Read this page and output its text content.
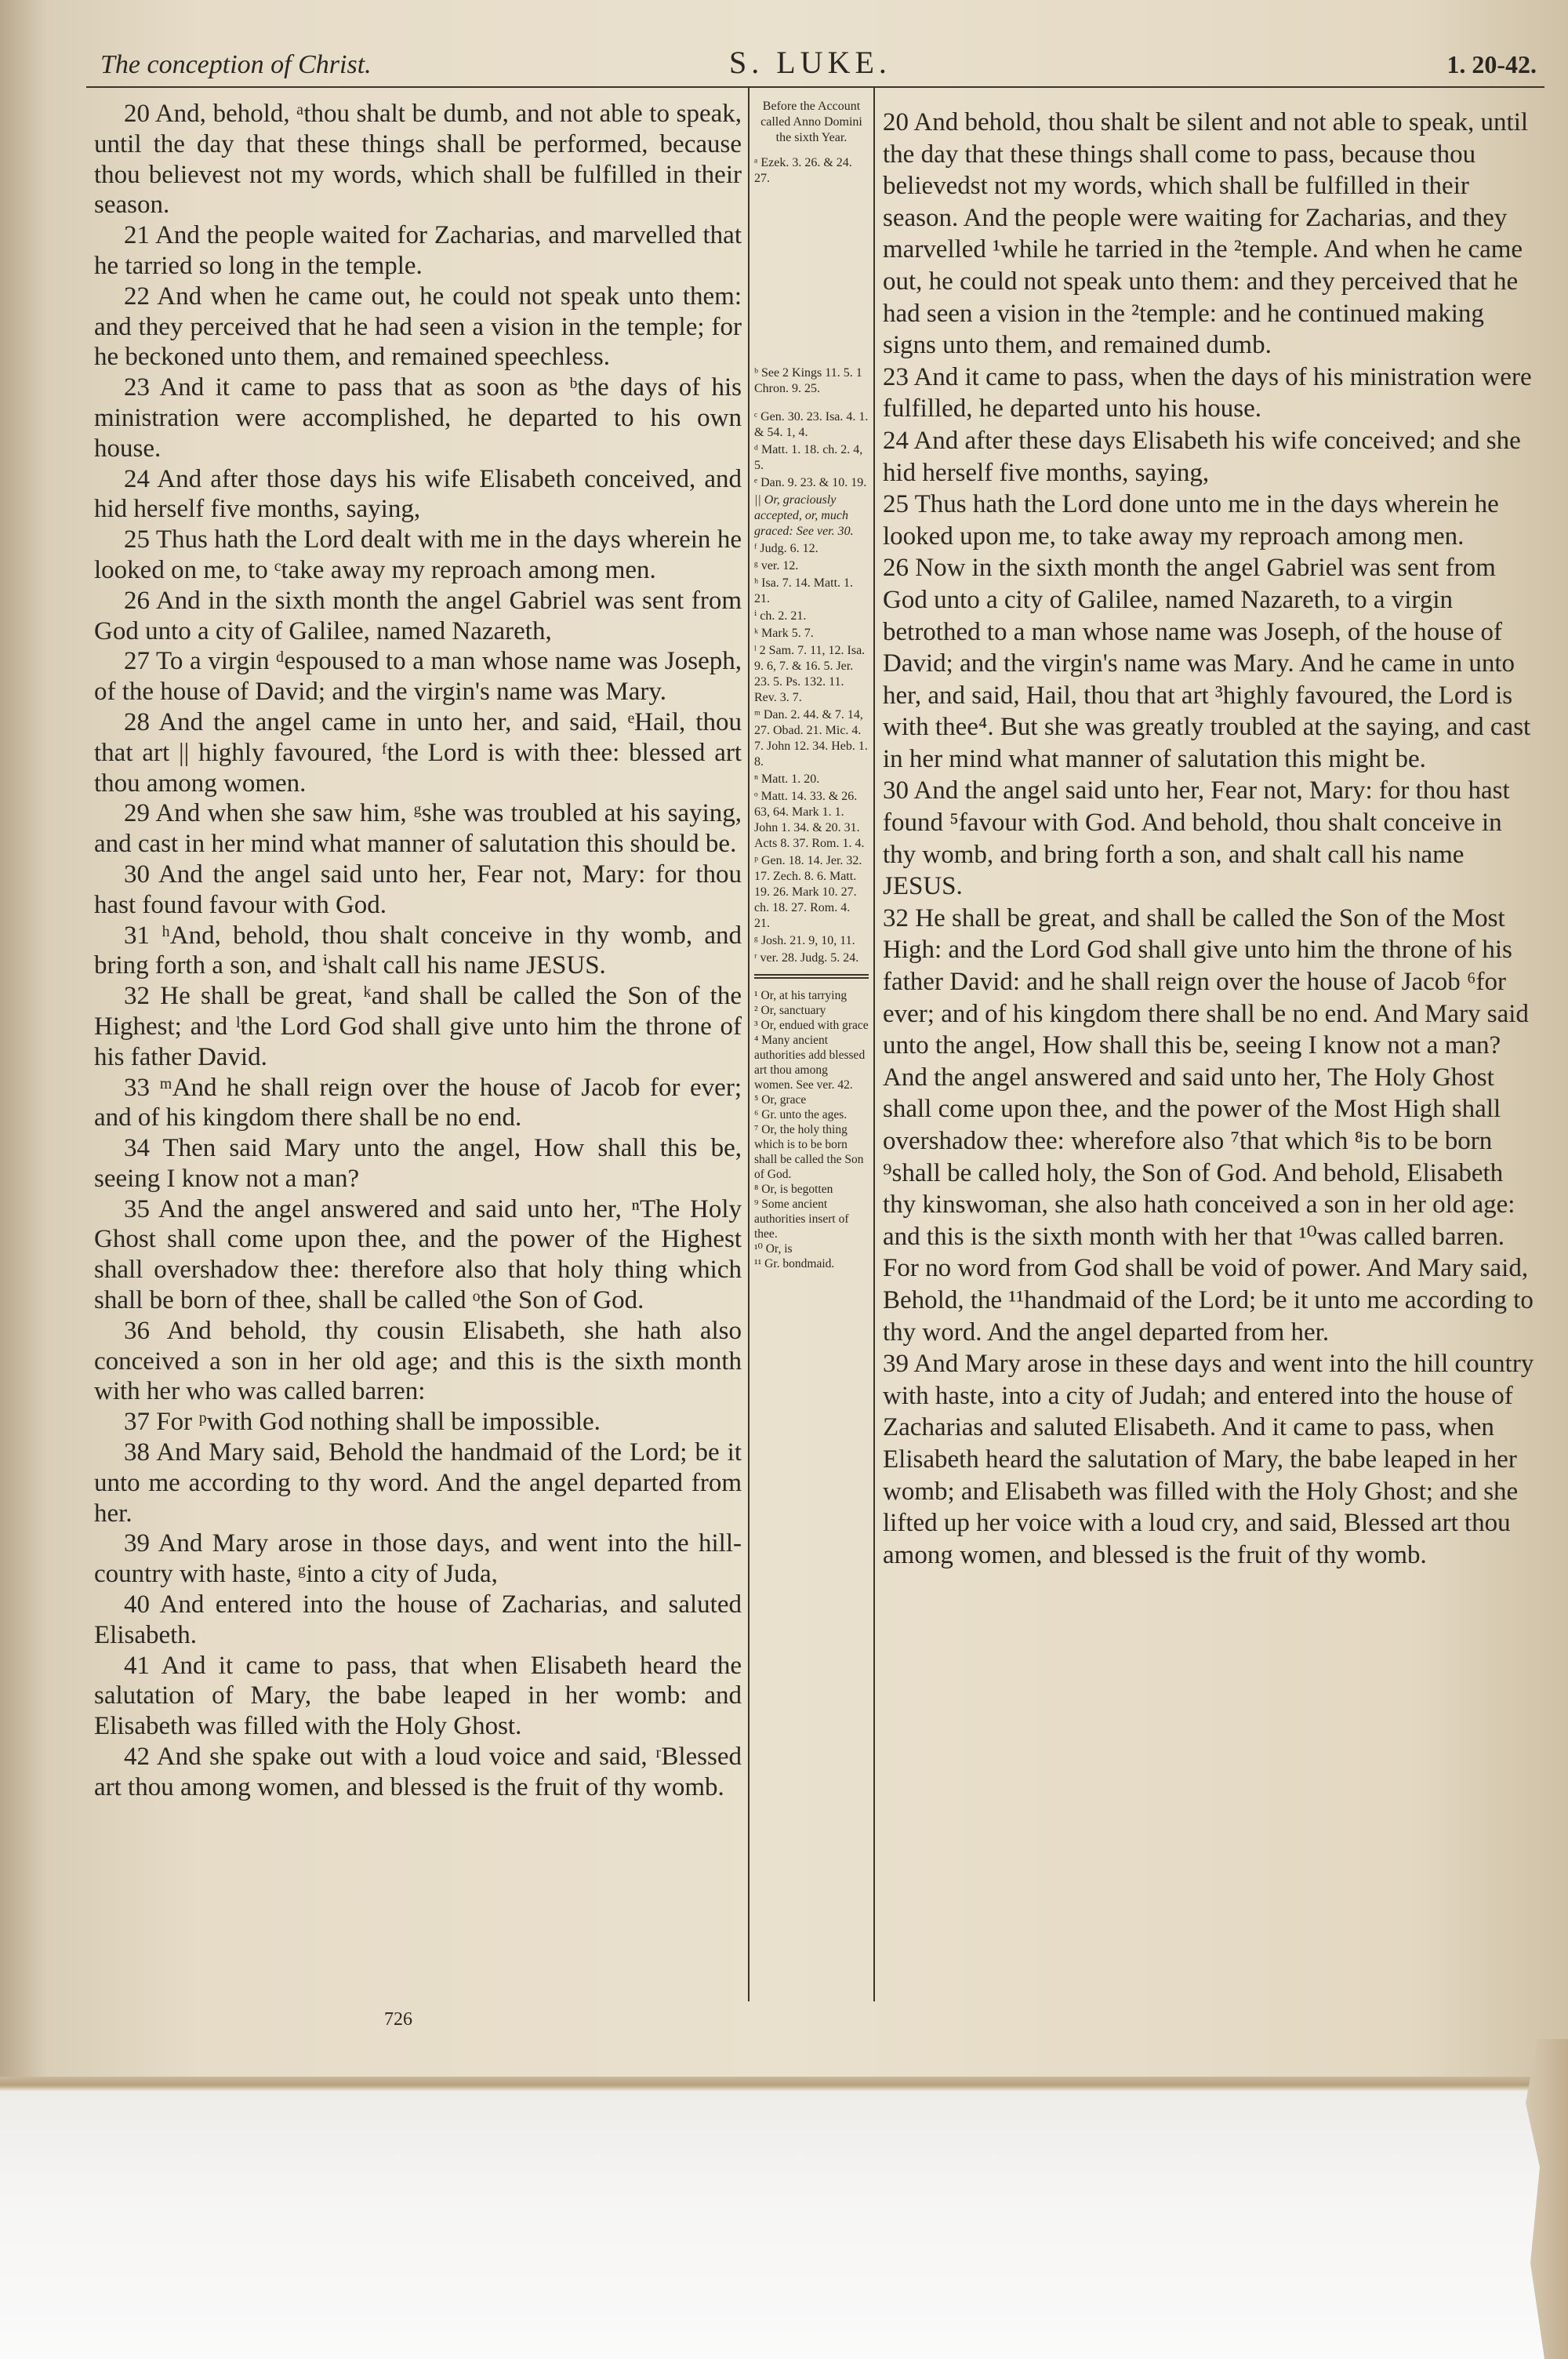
The conception of Christ.	S. LUKE.	1. 20-42.

20 And, behold, ᵃthou shalt be dumb, and not able to speak, until the day that these things shall be performed, because thou believest not my words, which shall be fulfilled in their season.

21 And the people waited for Zacharias, and marvelled that he tarried so long in the temple.

22 And when he came out, he could not speak unto them: and they perceived that he had seen a vision in the temple; for he beckoned unto them, and remained speechless.

23 And it came to pass that as soon as ᵇthe days of his ministration were accomplished, he departed to his own house.

24 And after those days his wife Elisabeth conceived, and hid herself five months, saying,

25 Thus hath the Lord dealt with me in the days wherein he looked on me, to ᶜtake away my reproach among men.

26 And in the sixth month the angel Gabriel was sent from God unto a city of Galilee, named Nazareth,

27 To a virgin ᵈespoused to a man whose name was Joseph, of the house of David; and the virgin's name was Mary.

28 And the angel came in unto her, and said, ᵉHail, thou that art || highly favoured, ᶠthe Lord is with thee: blessed art thou among women.

29 And when she saw him, ᵍshe was troubled at his saying, and cast in her mind what manner of salutation this should be.

30 And the angel said unto her, Fear not, Mary: for thou hast found favour with God.

31 ʰAnd, behold, thou shalt conceive in thy womb, and bring forth a son, and ⁱshalt call his name JESUS.

32 He shall be great, ᵏand shall be called the Son of the Highest; and ˡthe Lord God shall give unto him the throne of his father David.

33 ᵐAnd he shall reign over the house of Jacob for ever; and of his kingdom there shall be no end.

34 Then said Mary unto the angel, How shall this be, seeing I know not a man?

35 And the angel answered and said unto her, ⁿThe Holy Ghost shall come upon thee, and the power of the Highest shall overshadow thee: therefore also that holy thing which shall be born of thee, shall be called ᵒthe Son of God.

36 And behold, thy cousin Elisabeth, she hath also conceived a son in her old age; and this is the sixth month with her who was called barren:

37 For ᵖwith God nothing shall be impossible.

38 And Mary said, Behold the handmaid of the Lord; be it unto me according to thy word. And the angel departed from her.

39 And Mary arose in those days, and went into the hill-country with haste, ᵍinto a city of Juda,

40 And entered into the house of Zacharias, and saluted Elisabeth.

41 And it came to pass, that when Elisabeth heard the salutation of Mary, the babe leaped in her womb: and Elisabeth was filled with the Holy Ghost.

42 And she spake out with a loud voice and said, ʳBlessed art thou among women, and blessed is the fruit of thy womb.

Before the Account called Anno Domini the sixth Year.
ᵃ Ezek. 3. 26. & 24. 27.
ᵇ See 2 Kings 11. 5. 1 Chron. 9. 25.
ᶜ Gen. 30. 23. Isa. 4. 1. & 54. 1, 4.
ᵈ Matt. 1. 18. ch. 2. 4, 5.
ᵉ Dan. 9. 23. & 10. 19.
|| Or, graciously accepted, or, much graced: See ver. 30.
ᶠ Judg. 6. 12.
ᵍ ver. 12.
ʰ Isa. 7. 14. Matt. 1. 21.
ⁱ ch. 2. 21.
ᵏ Mark 5. 7.
ˡ 2 Sam. 7. 11, 12. Isa. 9. 6, 7. & 16. 5. Jer. 23. 5. Ps. 132. 11. Rev. 3. 7.
ᵐ Dan. 2. 44. & 7. 14, 27. Obad. 21. Mic. 4. 7. John 12. 34. Heb. 1. 8.
ⁿ Matt. 1. 20.
ᵒ Matt. 14. 33. & 26. 63, 64. Mark 1. 1. John 1. 34. & 20. 31. Acts 8. 37. Rom. 1. 4.
ᵖ Gen. 18. 14. Jer. 32. 17. Zech. 8. 6. Matt. 19. 26. Mark 10. 27. ch. 18. 27. Rom. 4. 21.
ᵍ Josh. 21. 9, 10, 11.
ʳ ver. 28. Judg. 5. 24.
¹ Or, at his tarrying
² Or, sanctuary
³ Or, endued with grace
⁴ Many ancient authorities add blessed art thou among women. See ver. 42.
⁵ Or, grace
⁶ Gr. unto the ages.
⁷ Or, the holy thing which is to be born shall be called the Son of God.
⁸ Or, is begotten
⁹ Some ancient authorities insert of thee.
¹⁰ Or, is
¹¹ Gr. bondmaid.

20 And behold, thou shalt be silent and not able to speak, until the day that these things shall come to pass, because thou believedst not my words, which shall be fulfilled in their season. And the people were waiting for Zacharias, and they marvelled ¹while he tarried in the ²temple. And when he came out, he could not speak unto them: and they perceived that he had seen a vision in the ²temple: and he continued making signs unto them, and remained dumb.

23 And it came to pass, when the days of his ministration were fulfilled, he departed unto his house.

24 And after these days Elisabeth his wife conceived; and she hid herself five months, saying,

25 Thus hath the Lord done unto me in the days wherein he looked upon me, to take away my reproach among men.

26 Now in the sixth month the angel Gabriel was sent from God unto a city of Galilee, named Nazareth, to a virgin betrothed to a man whose name was Joseph, of the house of David; and the virgin's name was Mary. And he came in unto her, and said, Hail, thou that art ³highly favoured, the Lord is with thee⁴. But she was greatly troubled at the saying, and cast in her mind what manner of salutation this might be.

30 And the angel said unto her, Fear not, Mary: for thou hast found ⁵favour with God. And behold, thou shalt conceive in thy womb, and bring forth a son, and shalt call his name JESUS.

32 He shall be great, and shall be called the Son of the Most High: and the Lord God shall give unto him the throne of his father David: and he shall reign over the house of Jacob ⁶for ever; and of his kingdom there shall be no end. And Mary said unto the angel, How shall this be, seeing I know not a man? And the angel answered and said unto her, The Holy Ghost shall come upon thee, and the power of the Most High shall overshadow thee: wherefore also ⁷that which ⁸is to be born ⁹shall be called holy, the Son of God. And behold, Elisabeth thy kinswoman, she also hath conceived a son in her old age: and this is the sixth month with her that ¹⁰was called barren. For no word from God shall be void of power. And Mary said, Behold, the ¹¹handmaid of the Lord; be it unto me according to thy word. And the angel departed from her.

39 And Mary arose in these days and went into the hill country with haste, into a city of Judah; and entered into the house of Zacharias and saluted Elisabeth. And it came to pass, when Elisabeth heard the salutation of Mary, the babe leaped in her womb; and Elisabeth was filled with the Holy Ghost; and she lifted up her voice with a loud cry, and said, Blessed art thou among women, and blessed is the fruit of thy womb.

726
